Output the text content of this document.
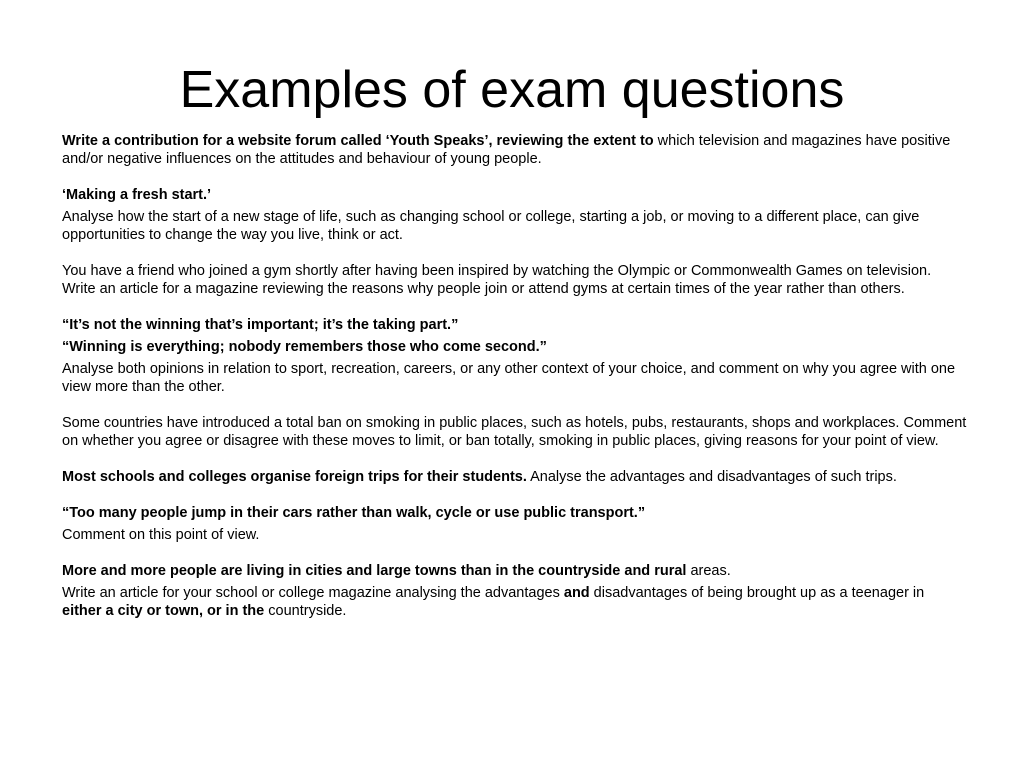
Examples of exam questions

Write a contribution for a website forum called ‘Youth Speaks’, reviewing the extent to which television and magazines have positive and/or negative influences on the attitudes and behaviour of young people.

‘Making a fresh start.’

Analyse how the start of a new stage of life, such as changing school or college, starting a job, or moving to a different place, can give opportunities to change the way you live, think or act.

You have a friend who joined a gym shortly after having been inspired by watching the Olympic or Commonwealth Games on television. Write an article for a magazine reviewing the reasons why people join or attend gyms at certain times of the year rather than others.

“It’s not the winning that’s important; it’s the taking part.”

“Winning is everything; nobody remembers those who come second.”

Analyse both opinions in relation to sport, recreation, careers, or any other context of your choice, and comment on why you agree with one view more than the other.

Some countries have introduced a total ban on smoking in public places, such as hotels, pubs, restaurants, shops and workplaces. Comment on whether you agree or disagree with these moves to limit, or ban totally, smoking in public places, giving reasons for your point of view.

Most schools and colleges organise foreign trips for their students. Analyse the advantages and disadvantages of such trips.

“Too many people jump in their cars rather than walk, cycle or use public transport.”

Comment on this point of view.

More and more people are living in cities and large towns than in the countryside and rural areas.

Write an article for your school or college magazine analysing the advantages and disadvantages of being brought up as a teenager in either a city or town, or in the countryside.
